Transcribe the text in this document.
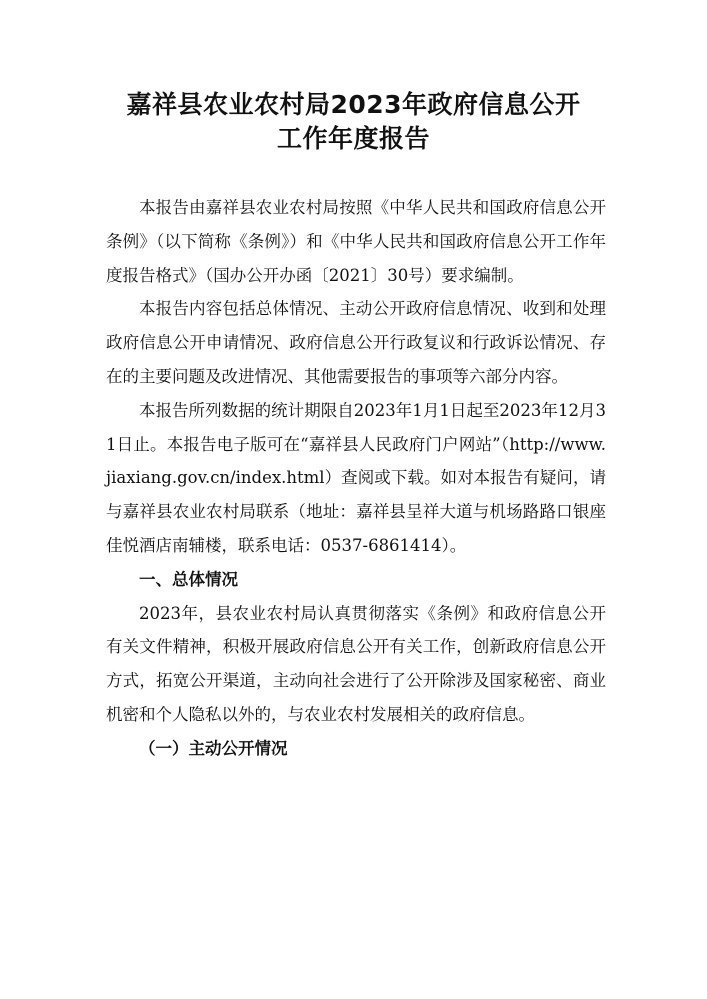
嘉祥县农业农村局2023年政府信息公开
工作年度报告

本报告由嘉祥县农业农村局按照《中华人民共和国政府信息公开条例》（以下简称《条例》）和《中华人民共和国政府信息公开工作年度报告格式》（国办公开办函〔2021〕30号）要求编制。

本报告内容包括总体情况、主动公开政府信息情况、收到和处理政府信息公开申请情况、政府信息公开行政复议和行政诉讼情况、存在的主要问题及改进情况、其他需要报告的事项等六部分内容。

本报告所列数据的统计期限自2023年1月1日起至2023年12月31日止。本报告电子版可在“嘉祥县人民政府门户网站”（http://www.jiaxiang.gov.cn/index.html）查阅或下载。如对本报告有疑问，请与嘉祥县农业农村局联系（地址：嘉祥县呈祥大道与机场路路口银座佳悦酒店南辅楼，联系电话：0537-6861414）。

一、总体情况

2023年，县农业农村局认真贯彻落实《条例》和政府信息公开有关文件精神，积极开展政府信息公开有关工作，创新政府信息公开方式，拓宽公开渠道，主动向社会进行了公开除涉及国家秘密、商业机密和个人隐私以外的，与农业农村发展相关的政府信息。

（一）主动公开情况
